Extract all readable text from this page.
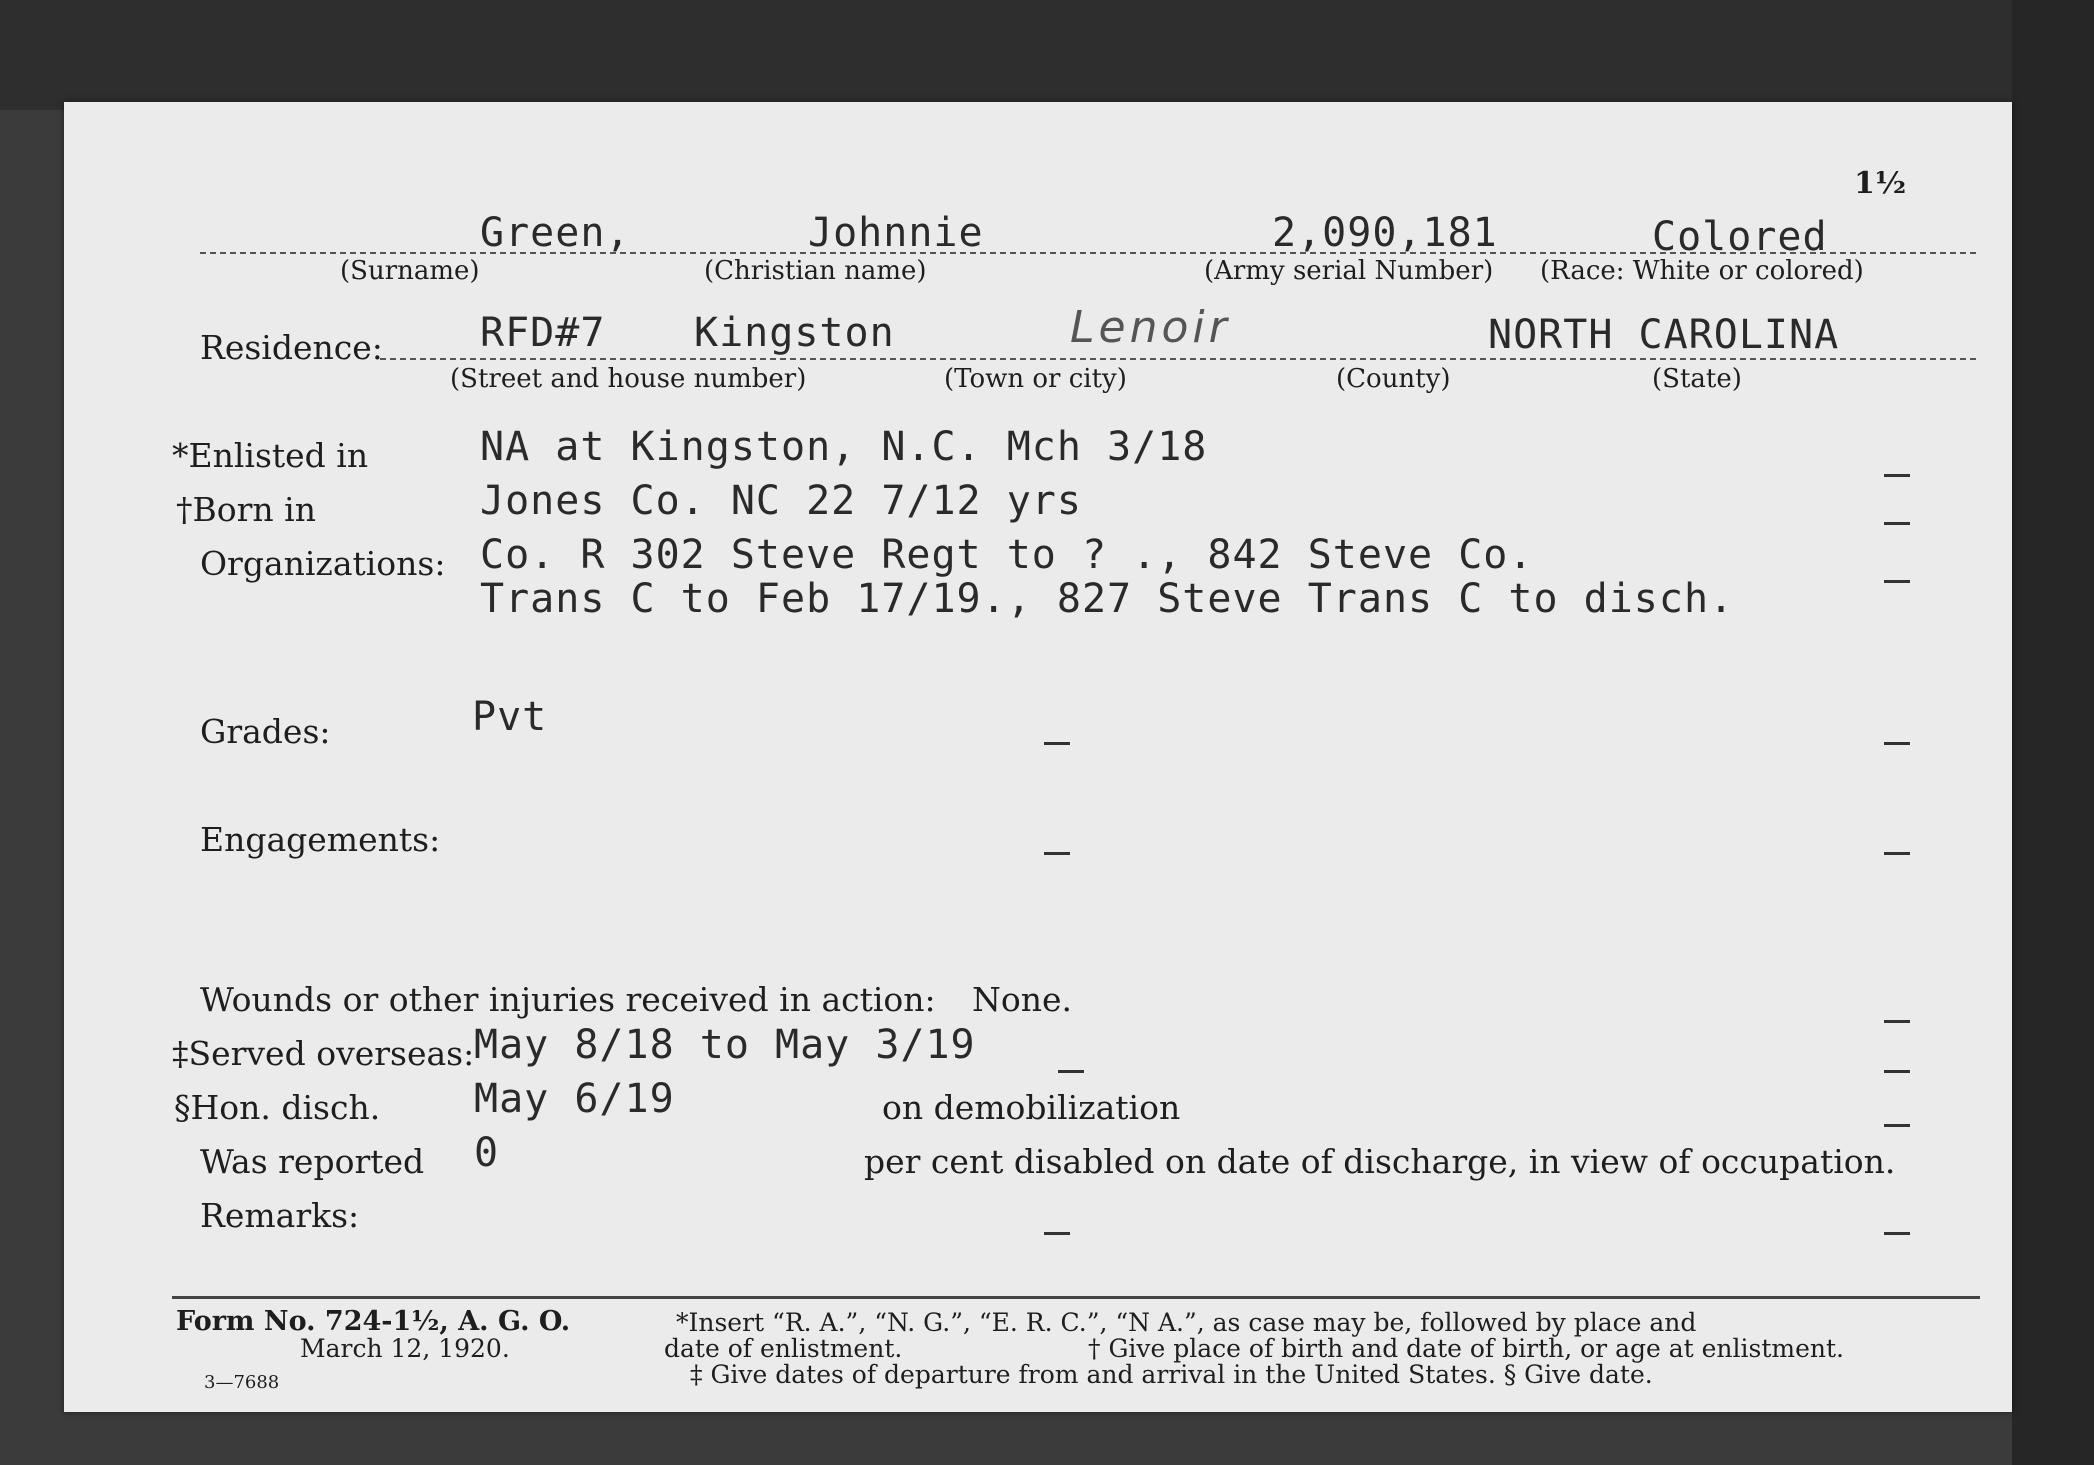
1½
Green,	Johnnie	2,090,181	Colored
(Surname)	(Christian name)	(Army serial Number) (Race: White or colored)
Residence: RFD#7 Kingston	Lenoir	NORTH CAROLINA
(Street and house number)	(Town or city)	(County)	(State)
*Enlisted in	NA at Kingston, N.C. Mch 3/18
†Born in	Jones Co. NC 22 7/12 yrs
Organizations: Co. R 302 Steve Regt to ? ., 842 Steve Co.
Trans C to Feb 17/19., 827 Steve Trans C to disch.
Grades:	Pvt
Engagements:
Wounds or other injuries received in action: None.
‡Served overseas: May 8/18 to May 3/19
§Hon. disch. May 6/19	on demobilization
Was reported 0	per cent disabled on date of discharge, in view of occupation.
Remarks:
Form No. 724-1½, A. G. O.
March 12, 1920.
3—7688
*Insert “R. A.”, “N. G.”, “E. R. C.”, “N A.”, as case may be, followed by place and
date of enlistment.	† Give place of birth and date of birth, or age at enlistment.
‡ Give dates of departure from and arrival in the United States. § Give date.
